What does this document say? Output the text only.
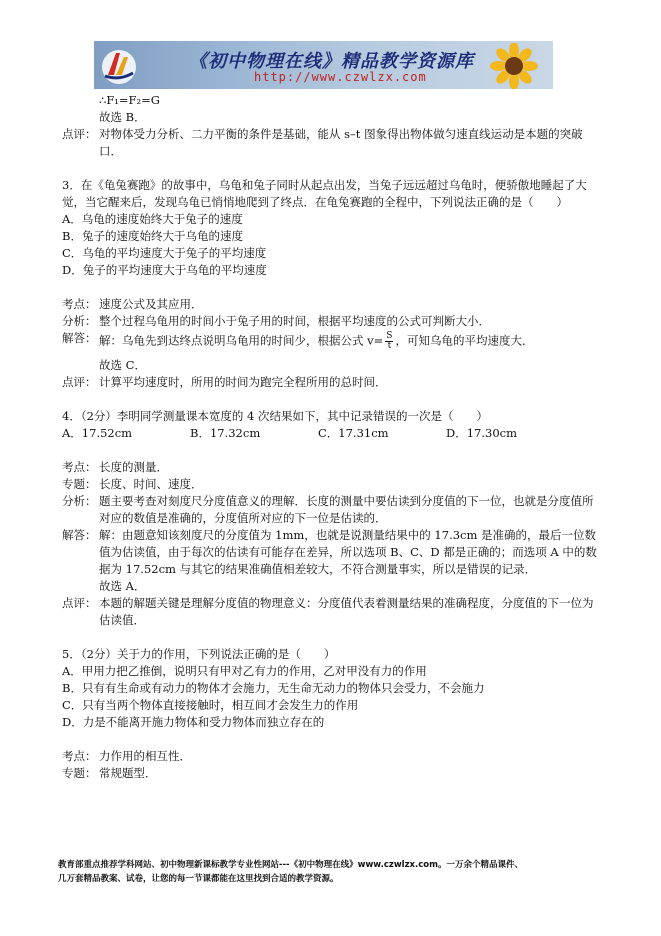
《初中物理在线》精品教学资源库
http://www.czwlzx.com
∴F₁=F₂=G
故选 B．
点评： 对物体受力分析、二力平衡的条件是基础，能从 s–t 图象得出物体做匀速直线运动是本题的突破口．
3．在《龟兔赛跑》的故事中，乌龟和兔子同时从起点出发，当兔子远远超过乌龟时，便骄傲地睡起了大觉，当它醒来后，发现乌龟已悄悄地爬到了终点．在龟兔赛跑的全程中，下列说法正确的是（　　）
A．乌龟的速度始终大于兔子的速度
B．兔子的速度始终大于乌龟的速度
C．乌龟的平均速度大于兔子的平均速度
D．兔子的平均速度大于乌龟的平均速度
考点： 速度公式及其应用．
分析： 整个过程乌龟用的时间小于兔子用的时间，根据平均速度的公式可判断大小．
解答： 解：乌龟先到达终点说明乌龟用的时间少，根据公式 $v= \frac{S}{t}$ ，可知乌龟的平均速度大．
故选 C．
点评： 计算平均速度时，所用的时间为跑完全程所用的总时间．
4．（2分）李明同学测量课本宽度的 4 次结果如下，其中记录错误的一次是（　　）
A．17.52cm	B．17.32cm	C．17.31cm	D．17.30cm
考点： 长度的测量．
专题： 长度、时间、速度．
分析： 题主要考查对刻度尺分度值意义的理解．长度的测量中要估读到分度值的下一位，也就是分度值所对应的数值是准确的，分度值所对应的下一位是估读的．
解答： 解：由题意知该刻度尺的分度值为 1mm，也就是说测量结果中的 17.3cm 是准确的，最后一位数值为估读值，由于每次的估读有可能存在差异，所以选项 B、C、D 都是正确的；而选项 A 中的数据为 17.52cm 与其它的结果准确值相差较大，不符合测量事实，所以是错误的记录．
故选 A．
点评： 本题的解题关键是理解分度值的物理意义：分度值代表着测量结果的准确程度，分度值的下一位为估读值．
5．（2分）关于力的作用，下列说法正确的是（　　）
A．甲用力把乙推倒，说明只有甲对乙有力的作用，乙对甲没有力的作用
B．只有有生命或有动力的物体才会施力，无生命无动力的物体只会受力，不会施力
C．只有当两个物体直接接触时，相互间才会发生力的作用
D．力是不能离开施力物体和受力物体而独立存在的
考点： 力作用的相互性．
专题： 常规题型．
教育部重点推荐学科网站、初中物理新课标教学专业性网站---《初中物理在线》www.czwlzx.com。一万余个精品课件、
几万套精品教案、试卷，让您的每一节课都能在这里找到合适的教学资源。
